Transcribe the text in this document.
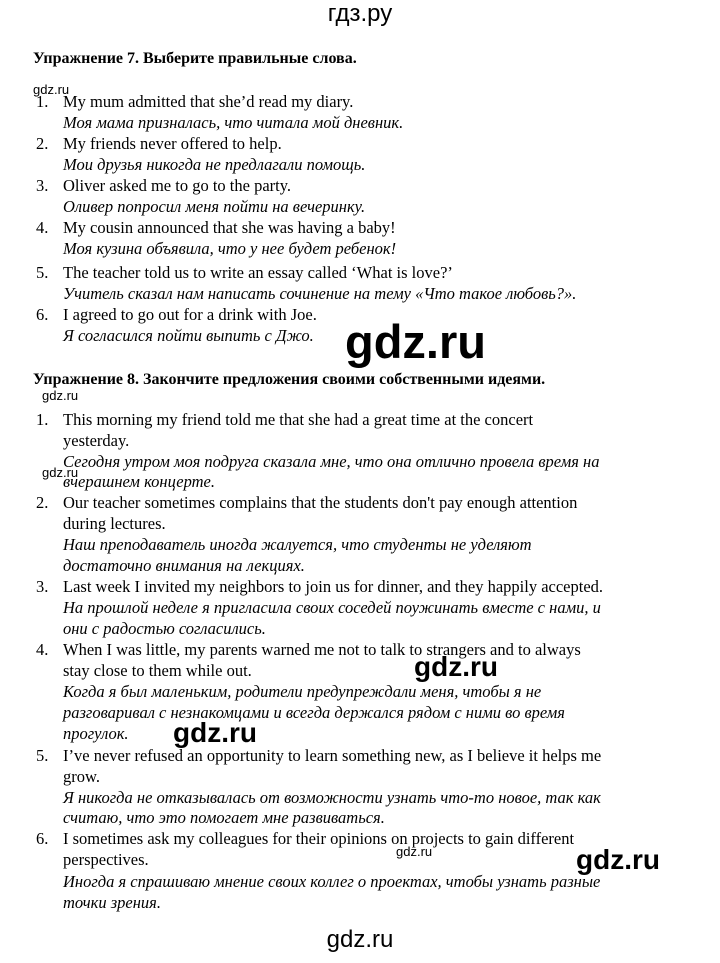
гдз.ру
Упражнение 7. Выберите правильные слова.
gdz.ru
1. My mum admitted that she’d read my diary.
Моя мама призналась, что читала мой дневник.
2. My friends never offered to help.
Мои друзья никогда не предлагали помощь.
3. Oliver asked me to go to the party.
Оливер попросил меня пойти на вечеринку.
4. My cousin announced that she was having a baby!
Моя кузина объявила, что у нее будет ребенок!
5. The teacher told us to write an essay called ‘What is love?’
Учитель сказал нам написать сочинение на тему «Что такое любовь?».
6. I agreed to go out for a drink with Joe.
Я согласился пойти выпить с Джо. gdz.ru
Упражнение 8. Закончите предложения своими собственными идеями.
gdz.ru
1. This morning my friend told me that she had a great time at the concert
yesterday.
Сегодня утром моя подруга сказала мне, что она отлично провела время на
вчерашнем концерте.
gdz.ru
2. Our teacher sometimes complains that the students don't pay enough attention
during lectures.
Наш преподаватель иногда жалуется, что студенты не уделяют
достаточно внимания на лекциях.
3. Last week I invited my neighbors to join us for dinner, and they happily accepted.
На прошлой неделе я пригласила своих соседей поужинать вместе с нами, и
они с радостью согласились.
4. When I was little, my parents warned me not to talk to strangers and to always
stay close to them while out.
Когда я был маленьким, родители предупреждали меня, чтобы я не
разговаривал с незнакомцами и всегда держался рядом с ними во время
прогулок.
gdz.ru
gdz.ru
5. I’ve never refused an opportunity to learn something new, as I believe it helps me
grow.
Я никогда не отказывалась от возможности узнать что-то новое, так как
считаю, что это помогает мне развиваться.
6. I sometimes ask my colleagues for their opinions on projects to gain different
perspectives.
Иногда я спрашиваю мнение своих коллег о проектах, чтобы узнать разные
точки зрения.
gdz.ru	gdz.ru
gdz.ru
